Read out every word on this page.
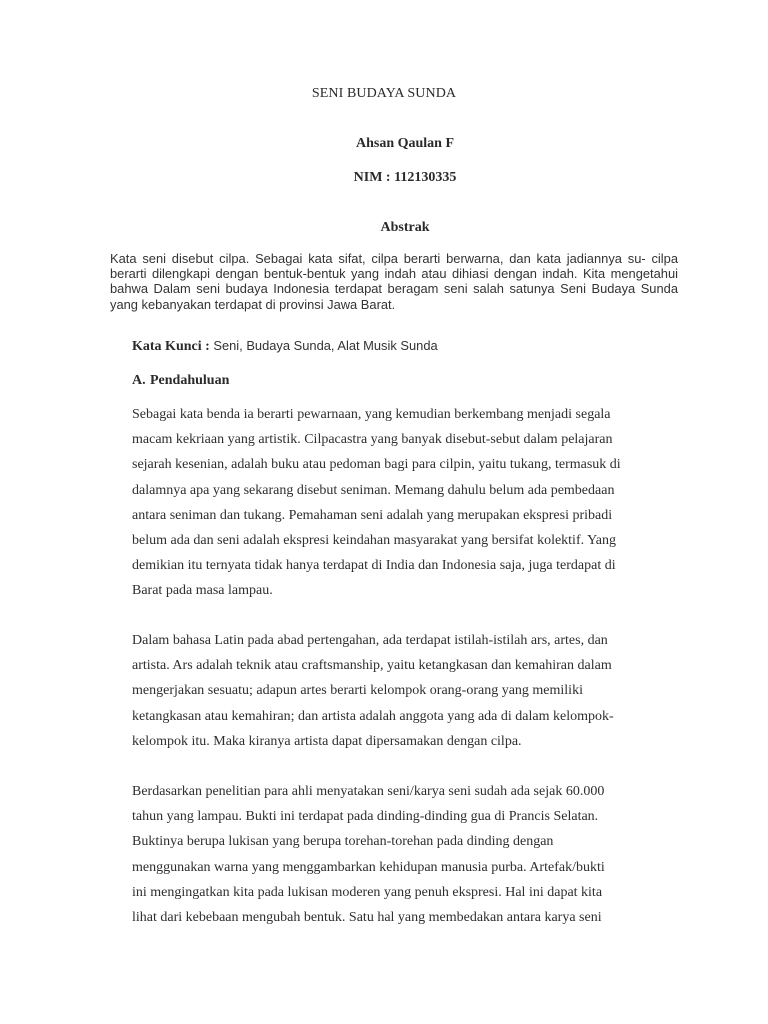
SENI BUDAYA SUNDA
Ahsan Qaulan F
NIM : 112130335
Abstrak
Kata seni disebut cilpa. Sebagai kata sifat, cilpa berarti berwarna, dan kata jadiannya su- cilpa berarti dilengkapi dengan bentuk-bentuk yang indah atau dihiasi dengan indah. Kita mengetahui bahwa Dalam seni budaya Indonesia terdapat beragam seni salah satunya Seni Budaya Sunda yang kebanyakan terdapat di provinsi Jawa Barat.
Kata Kunci : Seni, Budaya Sunda, Alat Musik Sunda
A. Pendahuluan
Sebagai kata benda ia berarti pewarnaan, yang kemudian berkembang menjadi segala
macam kekriaan yang artistik. Cilpacastra yang banyak disebut-sebut dalam pelajaran
sejarah kesenian, adalah buku atau pedoman bagi para cilpin, yaitu tukang, termasuk di
dalamnya apa yang sekarang disebut seniman. Memang dahulu belum ada pembedaan
antara seniman dan tukang. Pemahaman seni adalah yang merupakan ekspresi pribadi
belum ada dan seni adalah ekspresi keindahan masyarakat yang bersifat kolektif. Yang
demikian itu ternyata tidak hanya terdapat di India dan Indonesia saja, juga terdapat di
Barat pada masa lampau.
Dalam bahasa Latin pada abad pertengahan, ada terdapat istilah-istilah ars, artes, dan
artista. Ars adalah teknik atau craftsmanship, yaitu ketangkasan dan kemahiran dalam
mengerjakan sesuatu; adapun artes berarti kelompok orang-orang yang memiliki
ketangkasan atau kemahiran; dan artista adalah anggota yang ada di dalam kelompok-
kelompok itu. Maka kiranya artista dapat dipersamakan dengan cilpa.
Berdasarkan penelitian para ahli menyatakan seni/karya seni sudah ada sejak 60.000
tahun yang lampau. Bukti ini terdapat pada dinding-dinding gua di Prancis Selatan.
Buktinya berupa lukisan yang berupa torehan-torehan pada dinding dengan
menggunakan warna yang menggambarkan kehidupan manusia purba. Artefak/bukti
ini mengingatkan kita pada lukisan moderen yang penuh ekspresi. Hal ini dapat kita
lihat dari kebebaan mengubah bentuk. Satu hal yang membedakan antara karya seni
